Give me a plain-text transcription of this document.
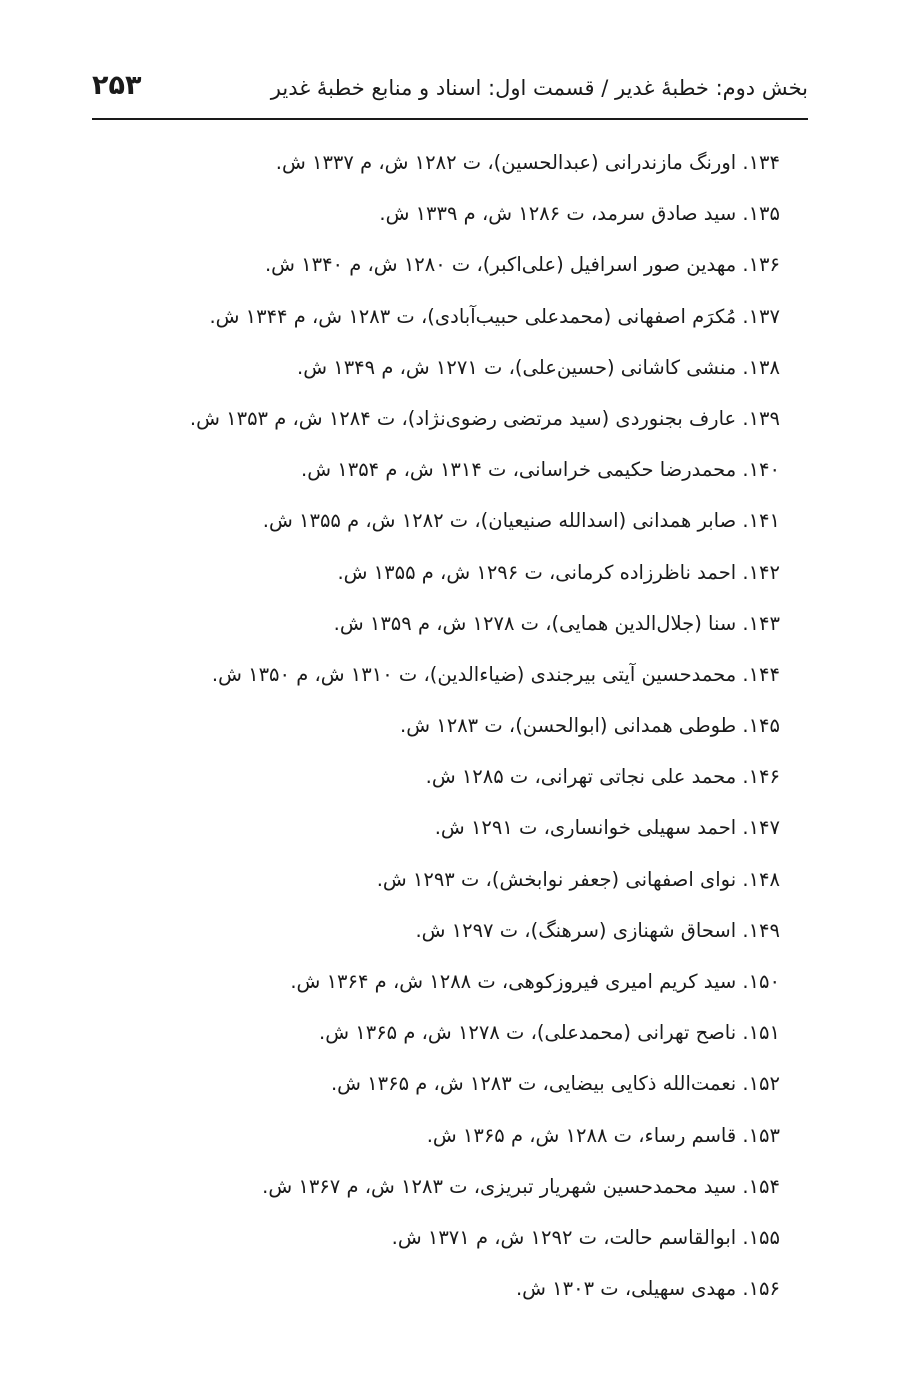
بخش دوم: خطبهٔ غدیر / قسمت اول: اسناد و منابع خطبهٔ غدیر
۲۵۳
۱۳۴. اورنگ مازندرانی (عبدالحسین)، ت ۱۲۸۲ ش، م ۱۳۳۷ ش.
۱۳۵. سید صادق سرمد، ت ۱۲۸۶ ش، م ۱۳۳۹ ش.
۱۳۶. مهدین صور اسرافیل (علی‌اکبر)، ت ۱۲۸۰ ش، م ۱۳۴۰ ش.
۱۳۷. مُکرَم اصفهانی (محمدعلی حبیب‌آبادی)، ت ۱۲۸۳ ش، م ۱۳۴۴ ش.
۱۳۸. منشی کاشانی (حسین‌علی)، ت ۱۲۷۱ ش، م ۱۳۴۹ ش.
۱۳۹. عارف بجنوردی (سید مرتضی رضوی‌نژاد)، ت ۱۲۸۴ ش، م ۱۳۵۳ ش.
۱۴۰. محمدرضا حکیمی خراسانی، ت ۱۳۱۴ ش، م ۱۳۵۴ ش.
۱۴۱. صابر همدانی (اسدالله صنیعیان)، ت ۱۲۸۲ ش، م ۱۳۵۵ ش.
۱۴۲. احمد ناظرزاده کرمانی، ت ۱۲۹۶ ش، م ۱۳۵۵ ش.
۱۴۳. سنا (جلال‌الدین همایی)، ت ۱۲۷۸ ش، م ۱۳۵۹ ش.
۱۴۴. محمدحسین آیتی بیرجندی (ضیاءالدین)، ت ۱۳۱۰ ش، م ۱۳۵۰ ش.
۱۴۵. طوطی همدانی (ابوالحسن)، ت ۱۲۸۳ ش.
۱۴۶. محمد علی نجاتی تهرانی، ت ۱۲۸۵ ش.
۱۴۷. احمد سهیلی خوانساری، ت ۱۲۹۱ ش.
۱۴۸. نوای اصفهانی (جعفر نوابخش)، ت ۱۲۹۳ ش.
۱۴۹. اسحاق شهنازی (سرهنگ)، ت ۱۲۹۷ ش.
۱۵۰. سید کریم امیری فیروزکوهی، ت ۱۲۸۸ ش، م ۱۳۶۴ ش.
۱۵۱. ناصح تهرانی (محمدعلی)، ت ۱۲۷۸ ش، م ۱۳۶۵ ش.
۱۵۲. نعمت‌الله ذکایی بیضایی، ت ۱۲۸۳ ش، م ۱۳۶۵ ش.
۱۵۳. قاسم رساء، ت ۱۲۸۸ ش، م ۱۳۶۵ ش.
۱۵۴. سید محمدحسین شهریار تبریزی، ت ۱۲۸۳ ش، م ۱۳۶۷ ش.
۱۵۵. ابوالقاسم حالت، ت ۱۲۹۲ ش، م ۱۳۷۱ ش.
۱۵۶. مهدی سهیلی، ت ۱۳۰۳ ش.
